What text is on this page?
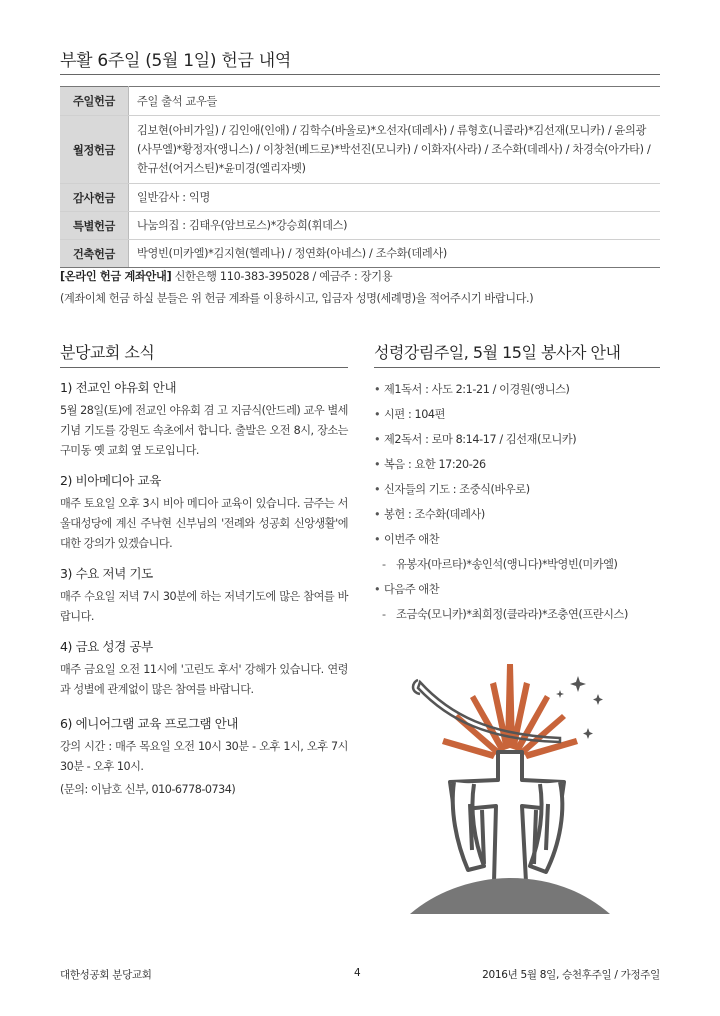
부활 6주일 (5월 1일) 헌금 내역
주일헌금	주일 출석 교우들
월정헌금	김보현(아비가일) / 김인애(인애) / 김학수(바울로)*오선자(데레사) / 류형호(니콜라)*김선재(모니카) / 윤의광(사무엘)*황정자(앵니스) / 이창천(베드로)*박선진(모니카) / 이화자(사라) / 조수화(데레사) / 차경숙(아가타) / 한규선(어거스틴)*윤미경(엘리자벳)
감사헌금	일반감사 : 익명
특별헌금	나눔의집 : 김태우(암브로스)*강승희(휘데스)
건축헌금	박영빈(미카엘)*김지현(헬레나) / 정연화(아네스) / 조수화(데레사)
[온라인 헌금 계좌안내] 신한은행 110-383-395028 / 예금주 : 장기용
(계좌이체 헌금 하실 분들은 위 헌금 계좌를 이용하시고, 입금자 성명(세례명)을 적어주시기 바랍니다.)
분당교회 소식
1) 전교인 야유회 안내

5월 28일(토)에 전교인 야유회 겸 고 지금식(안드레) 교우 별세기념 기도를 강원도 속초에서 합니다. 출발은 오전 8시, 장소는 구미동 옛 교회 옆 도로입니다.

2) 비아메디아 교육

매주 토요일 오후 3시 비아 메디아 교육이 있습니다. 금주는 서울대성당에 계신 주낙현 신부님의 '전례와 성공회 신앙생활'에 대한 강의가 있겠습니다.

3) 수요 저녁 기도

매주 수요일 저녁 7시 30분에 하는 저녁기도에 많은 참여를 바랍니다.

4) 금요 성경 공부

매주 금요일 오전 11시에 '고린도 후서' 강해가 있습니다. 연령과 성별에 관계없이 많은 참여를 바랍니다.

6) 에니어그램 교육 프로그램 안내

강의 시간 : 매주 목요일 오전 10시 30분 - 오후 1시, 오후 7시 30분 - 오후 10시.

(문의: 이남호 신부, 010-6778-0734)

성령강림주일, 5월 15일 봉사자 안내
• 제1독서 : 사도 2:1-21 / 이경원(앵니스)
• 시편 : 104편
• 제2독서 : 로마 8:14-17 / 김선재(모니카)
• 복음 : 요한 17:20-26
• 신자들의 기도 : 조중식(바우로)
• 봉헌 : 조수화(데레사)
• 이번주 애찬
- 유봉자(마르타)*송인석(앵니다)*박영빈(미카엘)
• 다음주 애찬
- 조금숙(모니카)*최희정(클라라)*조충연(프란시스)
대한성공회 분당교회	4	2016년 5월 8일, 승천후주일 / 가정주일
